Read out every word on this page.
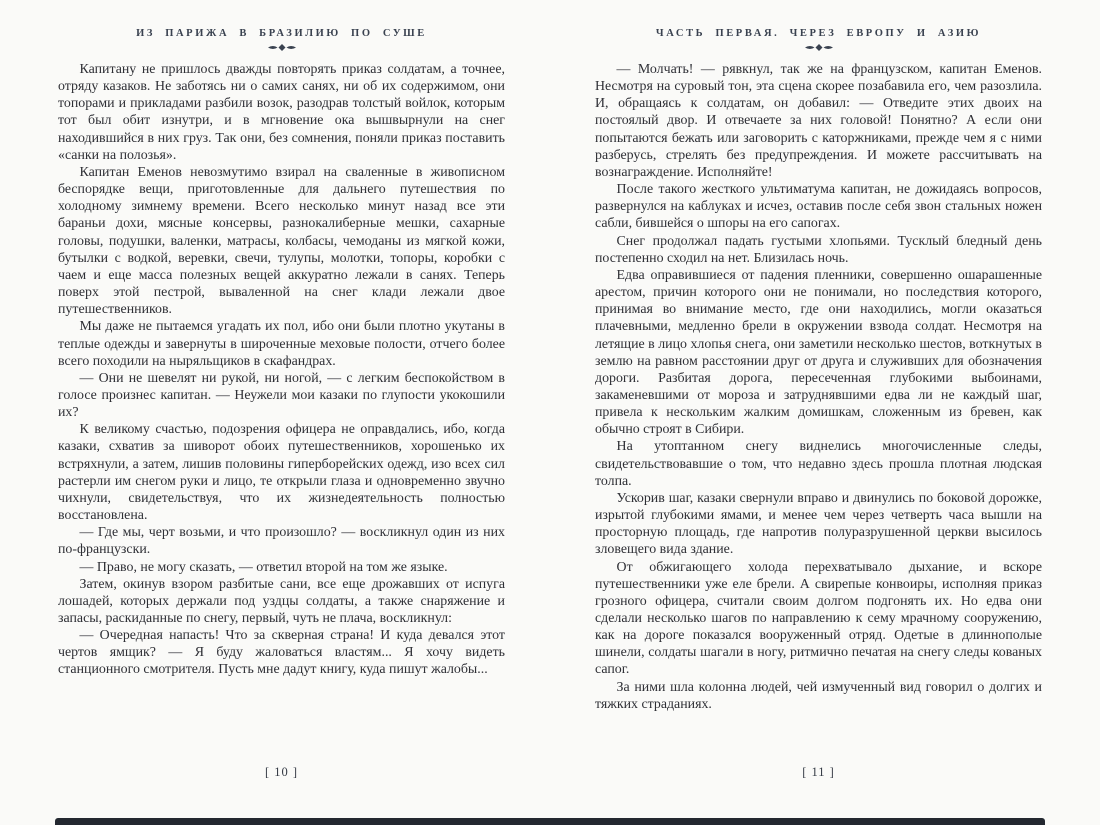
ИЗ ПАРИЖА В БРАЗИЛИЮ ПО СУШЕ

Капитану не пришлось дважды повторять приказ солдатам, а точнее, отряду казаков. Не заботясь ни о самих санях, ни об их содержимом, они топорами и прикладами разбили возок, разодрав толстый войлок, которым тот был обит изнутри, и в мгновение ока вышвырнули на снег находившийся в них груз. Так они, без сомнения, поняли приказ поставить «санки на полозья».

Капитан Еменов невозмутимо взирал на сваленные в живописном беспорядке вещи, приготовленные для дальнего путешествия по холодному зимнему времени. Всего несколько минут назад все эти бараньи дохи, мясные консервы, разнокалиберные мешки, сахарные головы, подушки, валенки, матрасы, колбасы, чемоданы из мягкой кожи, бутылки с водкой, веревки, свечи, тулупы, молотки, топоры, коробки с чаем и еще масса полезных вещей аккуратно лежали в санях. Теперь поверх этой пестрой, вываленной на снег клади лежали двое путешественников.

Мы даже не пытаемся угадать их пол, ибо они были плотно укутаны в теплые одежды и завернуты в широченные меховые полости, отчего более всего походили на ныряльщиков в скафандрах.

— Они не шевелят ни рукой, ни ногой, — с легким беспокойством в голосе произнес капитан. — Неужели мои казаки по глупости укокошили их?

К великому счастью, подозрения офицера не оправдались, ибо, когда казаки, схватив за шиворот обоих путешественников, хорошенько их встряхнули, а затем, лишив половины гиперборейских одежд, изо всех сил растерли им снегом руки и лицо, те открыли глаза и одновременно звучно чихнули, свидетельствуя, что их жизнедеятельность полностью восстановлена.

— Где мы, черт возьми, и что произошло? — воскликнул один из них по-французски.

— Право, не могу сказать, — ответил второй на том же языке.

Затем, окинув взором разбитые сани, все еще дрожавших от испуга лошадей, которых держали под уздцы солдаты, а также снаряжение и запасы, раскиданные по снегу, первый, чуть не плача, воскликнул:

— Очередная напасть! Что за скверная страна! И куда девался этот чертов ямщик? — Я буду жаловаться властям... Я хочу видеть станционного смотрителя. Пусть мне дадут книгу, куда пишут жалобы...

[ 10 ]
ЧАСТЬ ПЕРВАЯ. ЧЕРЕЗ ЕВРОПУ И АЗИЮ

— Молчать! — рявкнул, так же на французском, капитан Еменов. Несмотря на суровый тон, эта сцена скорее позабавила его, чем разозлила. И, обращаясь к солдатам, он добавил: — Отведите этих двоих на постоялый двор. И отвечаете за них головой! Понятно? А если они попытаются бежать или заговорить с каторжниками, прежде чем я с ними разберусь, стрелять без предупреждения. И можете рассчитывать на вознаграждение. Исполняйте!

После такого жесткого ультиматума капитан, не дожидаясь вопросов, развернулся на каблуках и исчез, оставив после себя звон стальных ножен сабли, бившейся о шпоры на его сапогах.

Снег продолжал падать густыми хлопьями. Тусклый бледный день постепенно сходил на нет. Близилась ночь.

Едва оправившиеся от падения пленники, совершенно ошарашенные арестом, причин которого они не понимали, но последствия которого, принимая во внимание место, где они находились, могли оказаться плачевными, медленно брели в окружении взвода солдат. Несмотря на летящие в лицо хлопья снега, они заметили несколько шестов, воткнутых в землю на равном расстоянии друг от друга и служивших для обозначения дороги. Разбитая дорога, пересеченная глубокими выбоинами, закаменевшими от мороза и затруднявшими едва ли не каждый шаг, привела к нескольким жалким домишкам, сложенным из бревен, как обычно строят в Сибири.

На утоптанном снегу виднелись многочисленные следы, свидетельствовавшие о том, что недавно здесь прошла плотная людская толпа.

Ускорив шаг, казаки свернули вправо и двинулись по боковой дорожке, изрытой глубокими ямами, и менее чем через четверть часа вышли на просторную площадь, где напротив полуразрушенной церкви высилось зловещего вида здание.

От обжигающего холода перехватывало дыхание, и вскоре путешественники уже еле брели. А свирепые конвоиры, исполняя приказ грозного офицера, считали своим долгом подгонять их. Но едва они сделали несколько шагов по направлению к сему мрачному сооружению, как на дороге показался вооруженный отряд. Одетые в длиннополые шинели, солдаты шагали в ногу, ритмично печатая на снегу следы кованых сапог.

За ними шла колонна людей, чей измученный вид говорил о долгих и тяжких страданиях.

[ 11 ]
